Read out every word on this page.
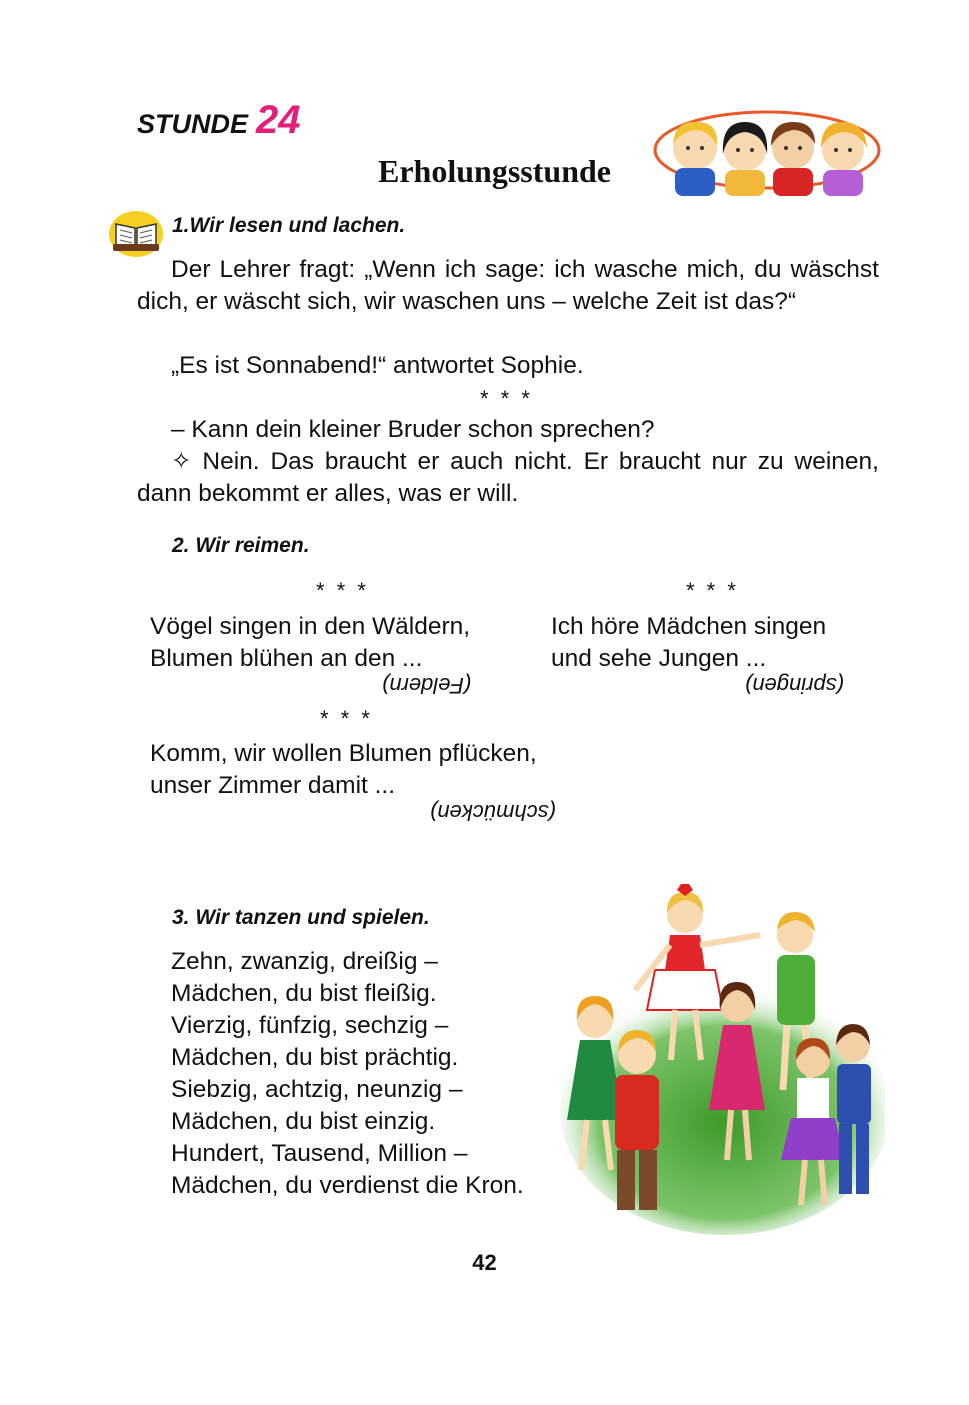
STUNDE 24
Erholungsstunde
1.Wir lesen und lachen.
Der Lehrer fragt: „Wenn ich sage: ich wasche mich, du wäschst dich, er wäscht sich, wir waschen uns – welche Zeit ist das?“
„Es ist Sonnabend!“ antwortet Sophie.
* * *
– Kann dein kleiner Bruder schon sprechen?
✧ Nein. Das braucht er auch nicht. Er braucht nur zu weinen, dann bekommt er alles, was er will.
2. Wir reimen.
* * *
Vögel singen in den Wäldern,
Blumen blühen an den ...
(Feldern)
* * *
Ich höre Mädchen singen
und sehe Jungen ...
(springen)
* * *
Komm, wir wollen Blumen pflücken,
unser Zimmer damit ...
(schmücken)
3. Wir tanzen und spielen.
Zehn, zwanzig, dreißig –
Mädchen, du bist fleißig.
Vierzig, fünfzig, sechzig –
Mädchen, du bist prächtig.
Siebzig, achtzig, neunzig –
Mädchen, du bist einzig.
Hundert, Tausend, Million –
Mädchen, du verdienst die Kron.
42
